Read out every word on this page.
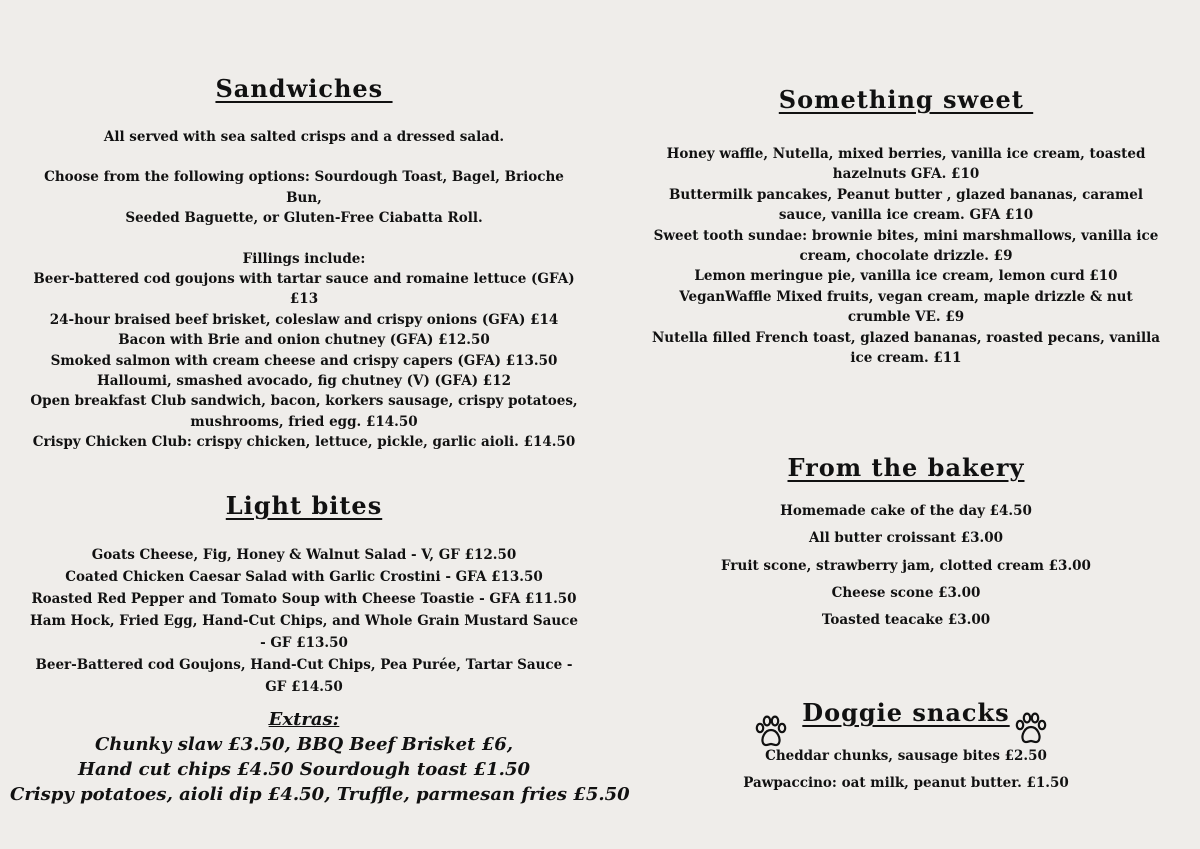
Sandwiches

All served with sea salted crisps and a dressed salad.

Choose from the following options: Sourdough Toast, Bagel, Brioche Bun,

Seeded Baguette, or Gluten-Free Ciabatta Roll.

Fillings include:

Beer-battered cod goujons with tartar sauce and romaine lettuce (GFA) £13

24-hour braised beef brisket, coleslaw and crispy onions (GFA) £14

Bacon with Brie and onion chutney (GFA) £12.50

Smoked salmon with cream cheese and crispy capers (GFA) £13.50

Halloumi, smashed avocado, fig chutney (V) (GFA) £12

Open breakfast Club sandwich, bacon, korkers sausage, crispy potatoes,

mushrooms, fried egg. £14.50

Crispy Chicken Club: crispy chicken, lettuce, pickle, garlic aioli. £14.50

Light bites

Goats Cheese, Fig, Honey & Walnut Salad - V, GF £12.50

Coated Chicken Caesar Salad with Garlic Crostini - GFA £13.50

Roasted Red Pepper and Tomato Soup with Cheese Toastie - GFA £11.50

Ham Hock, Fried Egg, Hand-Cut Chips, and Whole Grain Mustard Sauce

- GF £13.50

Beer-Battered cod Goujons, Hand-Cut Chips, Pea Purée, Tartar Sauce -

GF £14.50

Extras:

Chunky slaw £3.50, BBQ Beef Brisket £6,

Hand cut chips £4.50 Sourdough toast £1.50

Crispy potatoes, aioli dip £4.50, Truffle, parmesan fries £5.50

Something sweet

Honey waffle, Nutella, mixed berries, vanilla ice cream, toasted

hazelnuts GFA. £10

Buttermilk pancakes, Peanut butter , glazed bananas, caramel

sauce, vanilla ice cream. GFA £10

Sweet tooth sundae: brownie bites, mini marshmallows, vanilla ice

cream, chocolate drizzle. £9

Lemon meringue pie, vanilla ice cream, lemon curd £10

VeganWaffle Mixed fruits, vegan cream, maple drizzle & nut

crumble VE. £9

Nutella filled French toast, glazed bananas, roasted pecans, vanilla

ice cream. £11

From the bakery

Homemade cake of the day £4.50

All butter croissant £3.00

Fruit scone, strawberry jam, clotted cream £3.00

Cheese scone £3.00

Toasted teacake £3.00

Doggie snacks

Cheddar chunks, sausage bites £2.50

Pawpaccino: oat milk, peanut butter. £1.50
